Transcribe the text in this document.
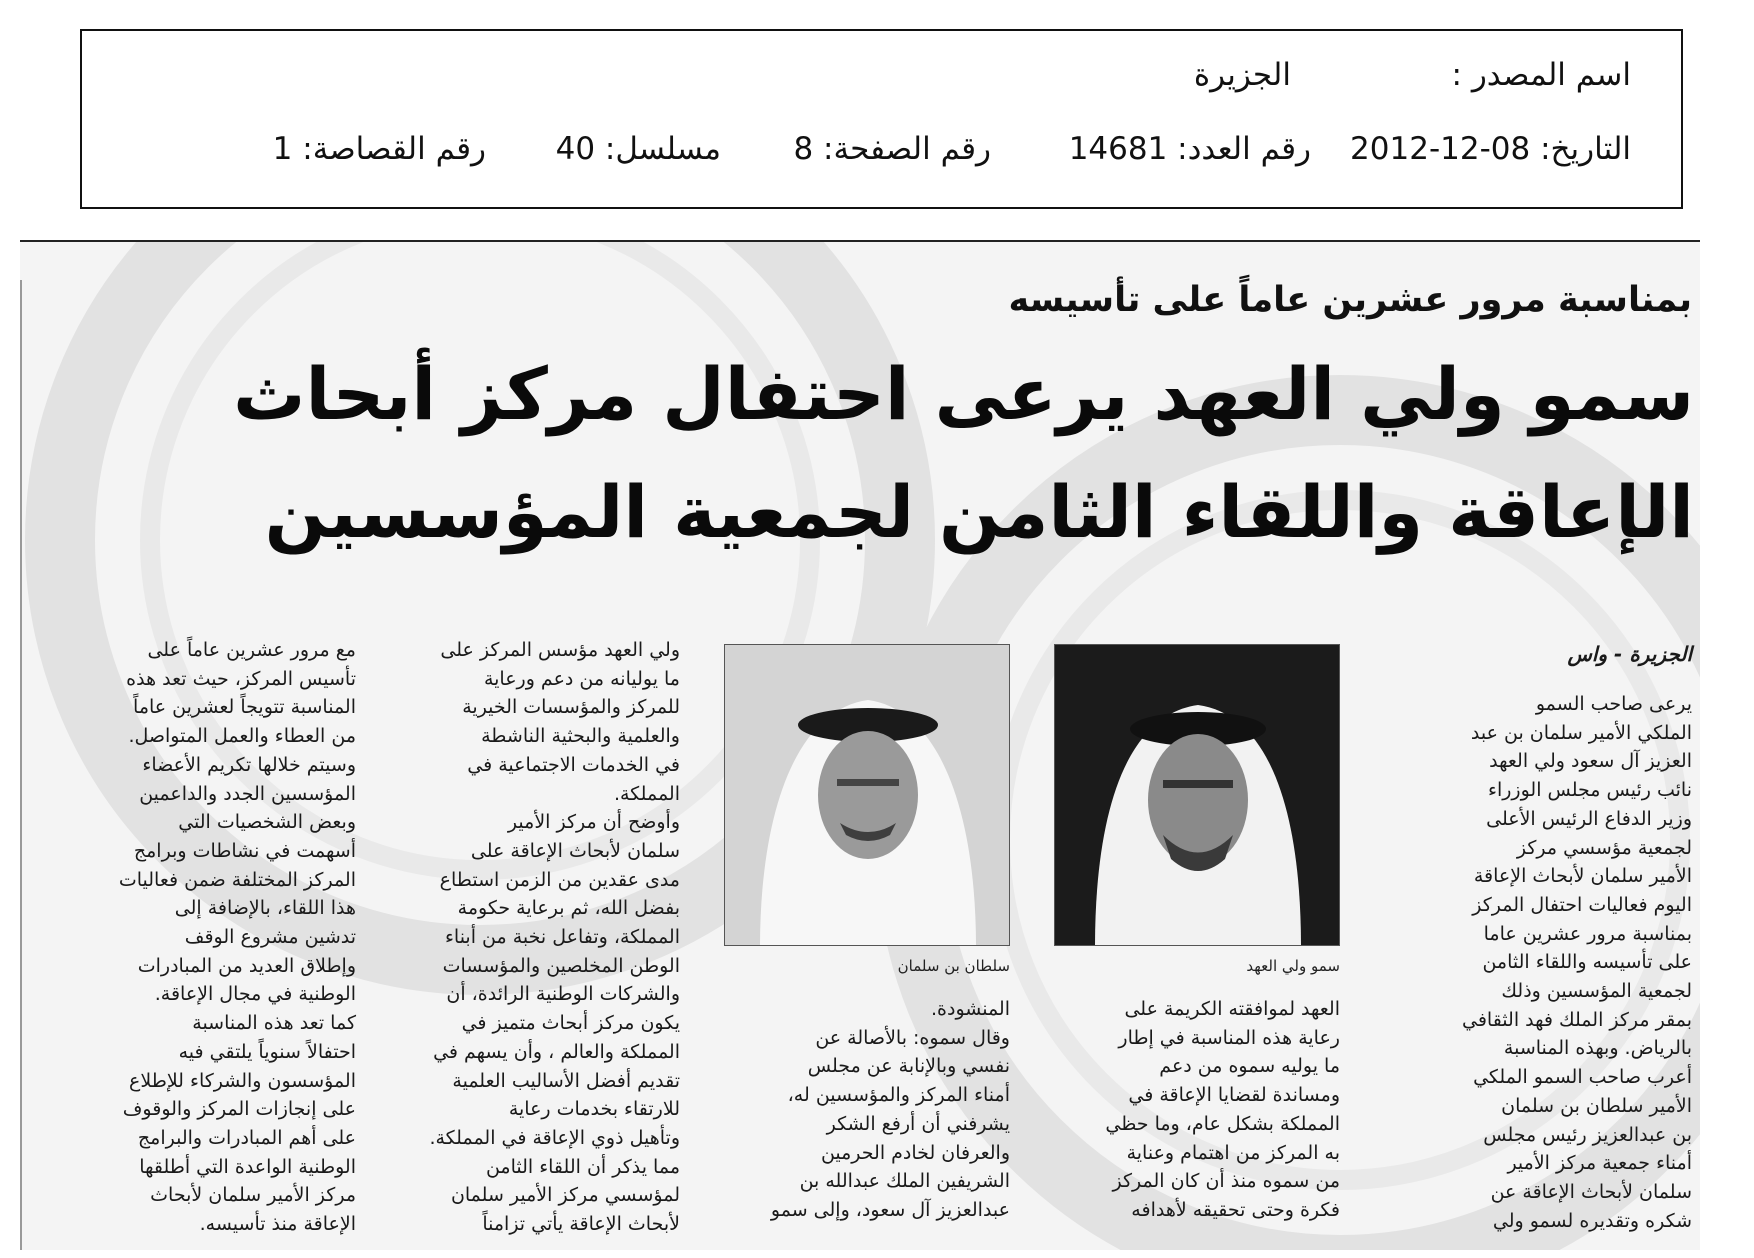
اسم المصدر :
الجزيرة
التاريخ: 08-12-2012
رقم العدد: 14681
رقم الصفحة: 8
مسلسل: 40
رقم القصاصة: 1
بمناسبة مرور عشرين عاماً على تأسيسه
سمو ولي العهد يرعى احتفال مركز أبحاث
الإعاقة واللقاء الثامن لجمعية المؤسسين
الجزيرة - واس
يرعى صاحب السمو
الملكي الأمير سلمان بن عبد
العزيز آل سعود ولي العهد
نائب رئيس مجلس الوزراء
وزير الدفاع الرئيس الأعلى
لجمعية مؤسسي مركز
الأمير سلمان لأبحاث الإعاقة
اليوم فعاليات احتفال المركز
بمناسبة مرور عشرين عاما
على تأسيسه واللقاء الثامن
لجمعية المؤسسين وذلك
بمقر مركز الملك فهد الثقافي
بالرياض. وبهذه المناسبة
أعرب صاحب السمو الملكي
الأمير سلطان بن سلمان
بن عبدالعزيز رئيس مجلس
أمناء جمعية مركز الأمير
سلمان لأبحاث الإعاقة عن
شكره وتقديره لسمو ولي
سمو ولي العهد
سلطان بن سلمان
العهد لموافقته الكريمة على
رعاية هذه المناسبة في إطار
ما يوليه سموه من دعم
ومساندة لقضايا الإعاقة في
المملكة بشكل عام، وما حظي
به المركز من اهتمام وعناية
من سموه منذ أن كان المركز
فكرة وحتى تحقيقه لأهدافه
المنشودة.
وقال سموه: بالأصالة عن
نفسي وبالإنابة عن مجلس
أمناء المركز والمؤسسين له،
يشرفني أن أرفع الشكر
والعرفان لخادم الحرمين
الشريفين الملك عبدالله بن
عبدالعزيز آل سعود، وإلى سمو
ولي العهد مؤسس المركز على
ما يوليانه من دعم ورعاية
للمركز والمؤسسات الخيرية
والعلمية والبحثية الناشطة
في الخدمات الاجتماعية في
المملكة.
وأوضح أن مركز الأمير
سلمان لأبحاث الإعاقة على
مدى عقدين من الزمن استطاع
بفضل الله، ثم برعاية حكومة
المملكة، وتفاعل نخبة من أبناء
الوطن المخلصين والمؤسسات
والشركات الوطنية الرائدة، أن
يكون مركز أبحاث متميز في
المملكة والعالم ، وأن يسهم في
تقديم أفضل الأساليب العلمية
للارتقاء بخدمات رعاية
وتأهيل ذوي الإعاقة في المملكة.
مما يذكر أن اللقاء الثامن
لمؤسسي مركز الأمير سلمان
لأبحاث الإعاقة يأتي تزامناً
مع مرور عشرين عاماً على
تأسيس المركز، حيث تعد هذه
المناسبة تتويجاً لعشرين عاماً
من العطاء والعمل المتواصل.
وسيتم خلالها تكريم الأعضاء
المؤسسين الجدد والداعمين
وبعض الشخصيات التي
أسهمت في نشاطات وبرامج
المركز المختلفة ضمن فعاليات
هذا اللقاء، بالإضافة إلى
تدشين مشروع الوقف
وإطلاق العديد من المبادرات
الوطنية في مجال الإعاقة.
كما تعد هذه المناسبة
احتفالاً سنوياً يلتقي فيه
المؤسسون والشركاء للإطلاع
على إنجازات المركز والوقوف
على أهم المبادرات والبرامج
الوطنية الواعدة التي أطلقها
مركز الأمير سلمان لأبحاث
الإعاقة منذ تأسيسه.
